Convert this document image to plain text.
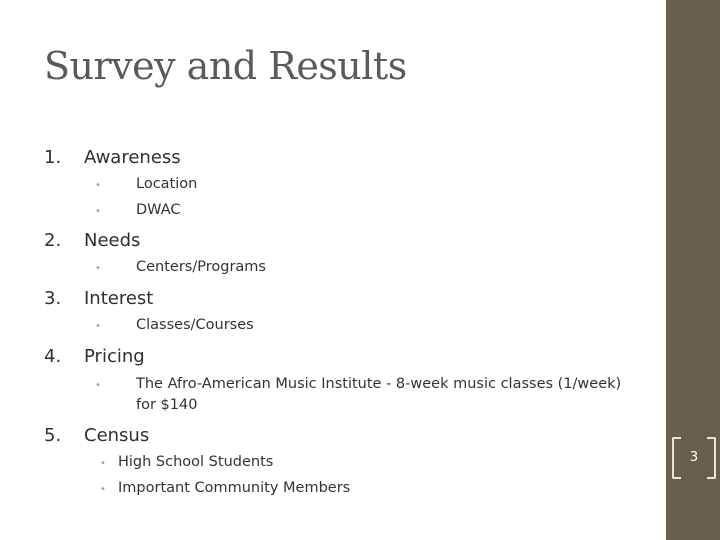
Survey and Results
1. Awareness
• Location
• DWAC
2. Needs
• Centers/Programs
3. Interest
• Classes/Courses
4. Pricing
• The Afro-American Music Institute - 8-week music classes (1/week)
for $140
5. Census
• High School Students
• Important Community Members
3
